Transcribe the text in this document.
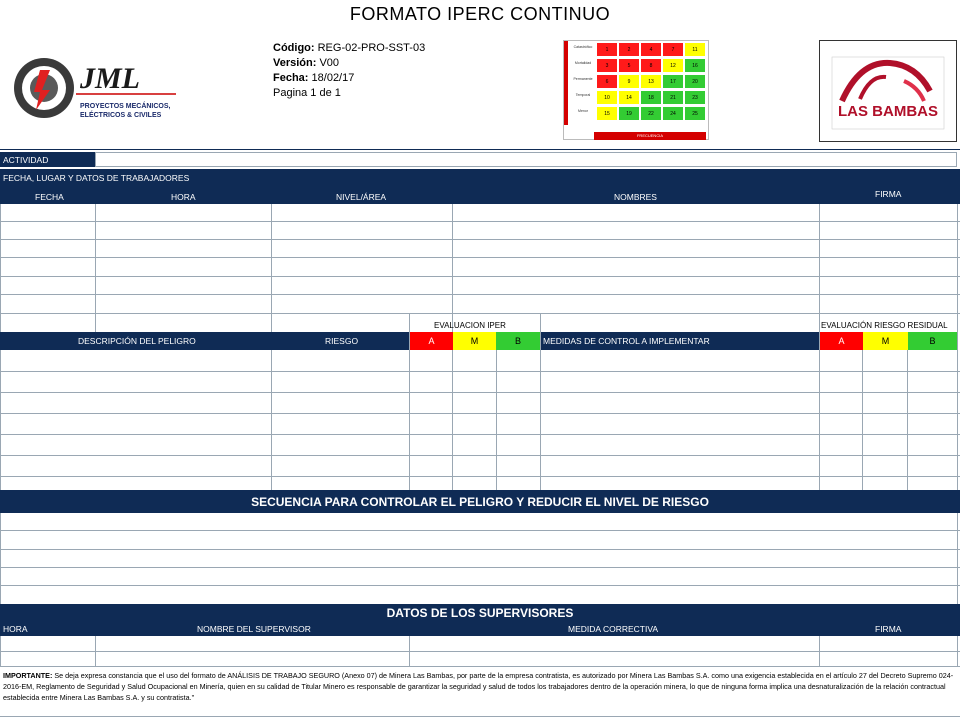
FORMATO IPERC CONTINUO
JML
PROYECTOS MECÁNICOS,
ELÉCTRICOS & CIVILES
Código: REG-02-PRO-SST-03
Versión: V00
Fecha: 18/02/17
Pagina 1 de 1
Catastrófico	1	2	4	7	11
Mortalidad	3	5	8	12	16
Permanente	6	9	13	17	20
Temporal	10	14	18	21	23
Menor	15	19	22	24	25
FRECUENCIA
LAS BAMBAS
ACTIVIDAD
FECHA, LUGAR Y DATOS DE TRABAJADORES
FECHA	HORA	NIVEL/ÁREA	NOMBRES	FIRMA
EVALUACION IPER	EVALUACIÓN RIESGO RESIDUAL
DESCRIPCIÓN DEL PELIGRO	RIESGO	A	M	B	MEDIDAS DE CONTROL A IMPLEMENTAR	A	M	B
SECUENCIA PARA CONTROLAR EL PELIGRO Y REDUCIR EL NIVEL DE RIESGO
DATOS DE LOS SUPERVISORES
HORA	NOMBRE DEL SUPERVISOR	MEDIDA CORRECTIVA	FIRMA
IMPORTANTE: Se deja expresa constancia que el uso del formato de ANÁLISIS DE TRABAJO SEGURO (Anexo 07) de Minera Las Bambas, por parte de la empresa contratista, es autorizado por Minera Las Bambas S.A. como una exigencia establecida en el artículo 27 del Decreto Supremo 024-2016-EM, Reglamento de Seguridad y Salud Ocupacional en Minería, quien en su calidad de Titular Minero es responsable de garantizar la seguridad y salud de todos los trabajadores dentro de la operación minera, lo que de ninguna forma implica una desnaturalización de la relación contractual establecida entre Minera Las Bambas S.A. y su contratista."
